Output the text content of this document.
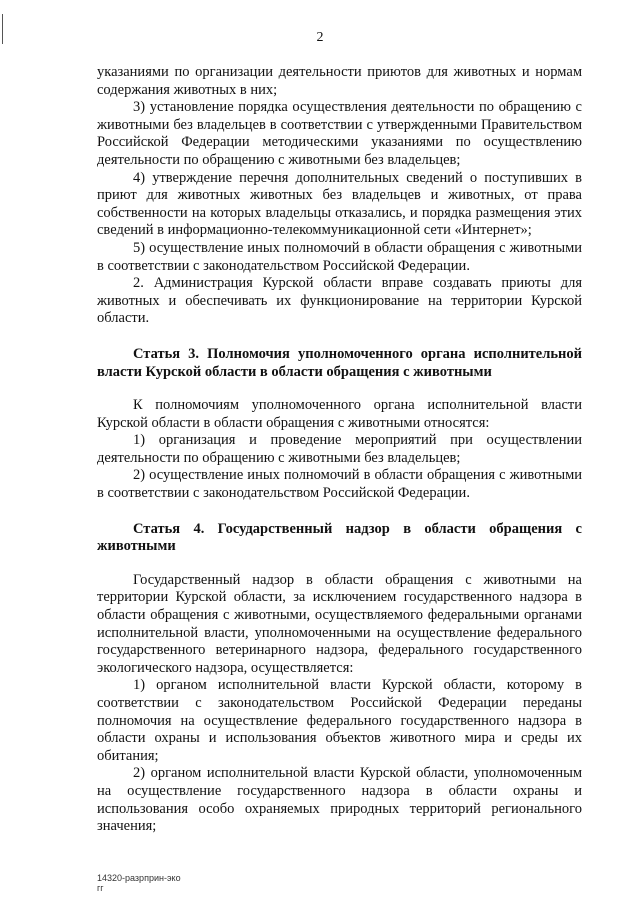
2

указаниями по организации деятельности приютов для животных и нормам содержания животных в них;

3) установление порядка осуществления деятельности по обращению с животными без владельцев в соответствии с утвержденными Правительством Российской Федерации методическими указаниями по осуществлению деятельности по обращению с животными без владельцев;

4) утверждение перечня дополнительных сведений о поступивших в приют для животных животных без владельцев и животных, от права собственности на которых владельцы отказались, и порядка размещения этих сведений в информационно-телекоммуникационной сети «Интернет»;

5) осуществление иных полномочий в области обращения с животными в соответствии с законодательством Российской Федерации.

2. Администрация Курской области вправе создавать приюты для животных и обеспечивать их функционирование на территории Курской области.

Статья 3. Полномочия уполномоченного органа исполнительной власти Курской области в области обращения с животными

К полномочиям уполномоченного органа исполнительной власти Курской области в области обращения с животными относятся:

1) организация и проведение мероприятий при осуществлении деятельности по обращению с животными без владельцев;

2) осуществление иных полномочий в области обращения с животными в соответствии с законодательством Российской Федерации.

Статья 4. Государственный надзор в области обращения с животными

Государственный надзор в области обращения с животными на территории Курской области, за исключением государственного надзора в области обращения с животными, осуществляемого федеральными органами исполнительной власти, уполномоченными на осуществление федерального государственного ветеринарного надзора, федерального государственного экологического надзора, осуществляется:

1) органом исполнительной власти Курской области, которому в соответствии с законодательством Российской Федерации переданы полномочия на осуществление федерального государственного надзора в области охраны и использования объектов животного мира и среды их обитания;

2) органом исполнительной власти Курской области, уполномоченным на осуществление государственного надзора в области охраны и использования особо охраняемых природных территорий регионального значения;

14320-разрприн-эко
гг
